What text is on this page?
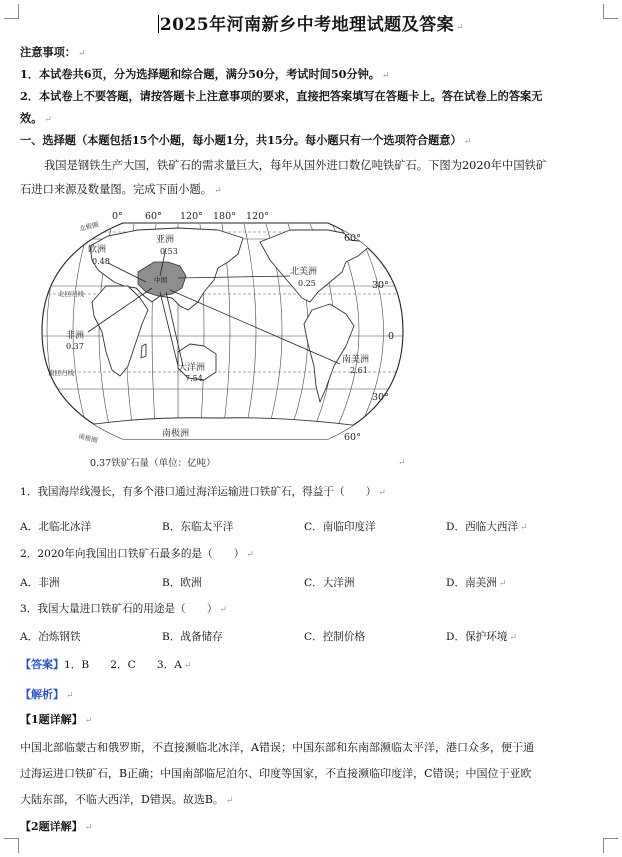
2025年河南新乡中考地理试题及答案 ↵
注意事项： ↵
1．本试卷共6页，分为选择题和综合题，满分50分，考试时间50分钟。 ↵
2．本试卷上不要答题，请按答题卡上注意事项的要求，直接把答案填写在答题卡上。答在试卷上的答案无
效。 ↵
一、选择题（本题包括15个小题，每小题1分，共15分。每小题只有一个选项符合题意） ↵
我国是钢铁生产大国，铁矿石的需求量巨大，每年从国外进口数亿吨铁矿石。下图为2020年中国铁矿
石进口来源及数量图。完成下面小题。 ↵
0° 60° 120° 180° 120°
60°
30°
0
30°
60°
北极圈
北回归线
南回归线
南极圈	南极洲
中国
欧洲
0.48
亚洲
0.53
北美洲
0.25
非洲
0.37
大洋洲
7.54
南美洲
2.61
0.37铁矿石量（单位：亿吨）	↵
1．我国海岸线漫长，有多个港口通过海洋运输进口铁矿石，得益于（　　） ↵
A．北临北冰洋	B．东临太平洋	C．南临印度洋	D．西临大西洋 ↵
2．2020年向我国出口铁矿石最多的是（　　） ↵
A．非洲	B．欧洲	C．大洋洲	D．南美洲 ↵
3．我国大量进口铁矿石的用途是（　　） ↵
A．冶炼钢铁	B．战备储存	C．控制价格	D．保护环境 ↵
【答案】1．B　　2．C　　3．A ↵
【解析】 ↵
【1题详解】 ↵
中国北部临蒙古和俄罗斯，不直接濒临北冰洋，A错误；中国东部和东南部濒临太平洋，港口众多，便于通
过海运进口铁矿石，B正确；中国南部临尼泊尔、印度等国家，不直接濒临印度洋，C错误；中国位于亚欧
大陆东部，不临大西洋，D错误。故选B。 ↵
【2题详解】 ↵
